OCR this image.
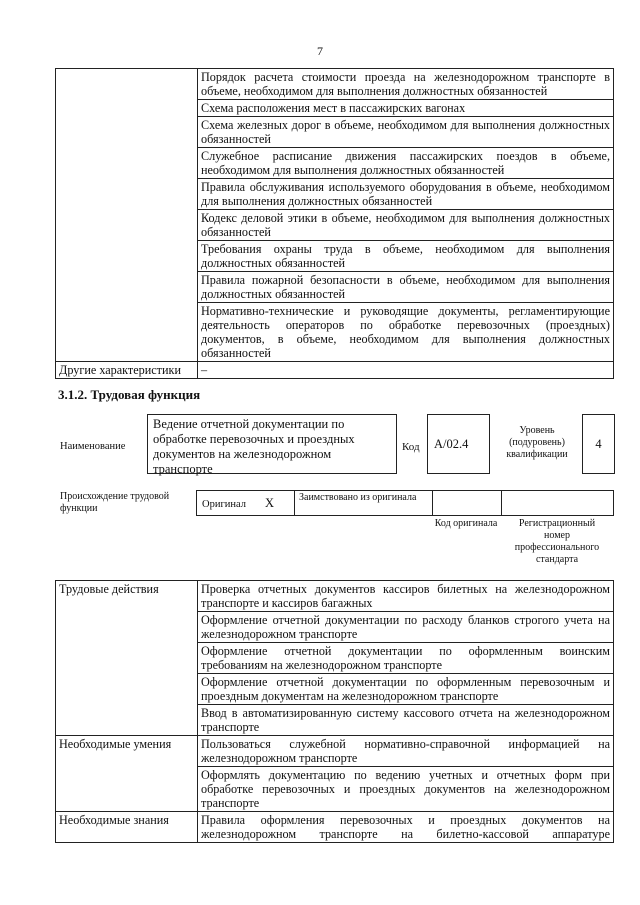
7
	Порядок расчета стоимости проезда на железнодорожном транспорте в объеме, необходимом для выполнения должностных обязанностей
	Схема расположения мест в пассажирских вагонах
	Схема железных дорог в объеме, необходимом для выполнения должностных обязанностей
	Служебное расписание движения пассажирских поездов в объеме, необходимом для выполнения должностных обязанностей
	Правила обслуживания используемого оборудования в объеме, необходимом для выполнения должностных обязанностей
	Кодекс деловой этики в объеме, необходимом для выполнения должностных обязанностей
	Требования охраны труда в объеме, необходимом для выполнения должностных обязанностей
	Правила пожарной безопасности в объеме, необходимом для выполнения должностных обязанностей
	Нормативно-технические и руководящие документы, регламентирующие деятельность операторов по обработке перевозочных (проездных) документов, в объеме, необходимом для выполнения должностных обязанностей
Другие характеристики	–
3.1.2. Трудовая функция
Наименование
Ведение отчетной документации по обработке перевозочных и проездных документов на железнодорожном транспорте
Код A/02.4
Уровень (подуровень) квалификации
4
Происхождение трудовой функции	Оригинал X Заимствовано из оригинала
Код оригинала	Регистрационный номер профессионального стандарта
Трудовые действия	Проверка отчетных документов кассиров билетных на железнодорожном транспорте и кассиров багажных
	Оформление отчетной документации по расходу бланков строгого учета на железнодорожном транспорте
	Оформление отчетной документации по оформленным воинским требованиям на железнодорожном транспорте
	Оформление отчетной документации по оформленным перевозочным и проездным документам на железнодорожном транспорте
	Ввод в автоматизированную систему кассового отчета на железнодорожном транспорте
Необходимые умения	Пользоваться служебной нормативно-справочной информацией на железнодорожном транспорте
	Оформлять документацию по ведению учетных и отчетных форм при обработке перевозочных и проездных документов на железнодорожном транспорте
Необходимые знания	Правила оформления перевозочных и проездных документов на железнодорожном транспорте на билетно-кассовой аппаратуре
